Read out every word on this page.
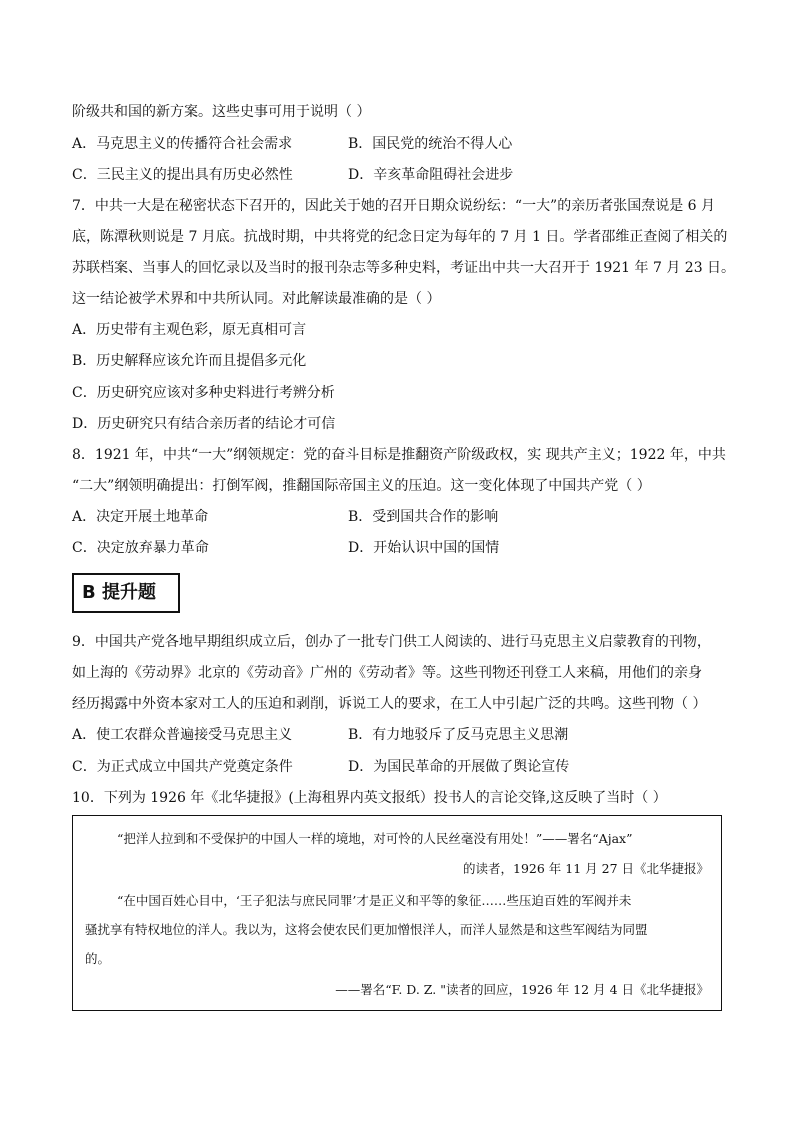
阶级共和国的新方案。这些史事可用于说明（ ）
A．马克思主义的传播符合社会需求	B．国民党的统治不得人心
C．三民主义的提出具有历史必然性	D．辛亥革命阻碍社会进步
7．中共一大是在秘密状态下召开的，因此关于她的召开日期众说纷纭：“一大”的亲历者张国焘说是 6 月
底，陈潭秋则说是 7 月底。抗战时期，中共将党的纪念日定为每年的 7 月 1 日。学者邵维正查阅了相关的
苏联档案、当事人的回忆录以及当时的报刊杂志等多种史料，考证出中共一大召开于 1921 年 7 月 23 日。
这一结论被学术界和中共所认同。对此解读最准确的是（ ）
A．历史带有主观色彩，原无真相可言
B．历史解释应该允许而且提倡多元化
C．历史研究应该对多种史料进行考辨分析
D．历史研究只有结合亲历者的结论才可信
8．1921 年，中共“一大”纲领规定：党的奋斗目标是推翻资产阶级政权，实 现共产主义；1922 年，中共
“二大”纲领明确提出：打倒军阀，推翻国际帝国主义的压迫。这一变化体现了中国共产党（ ）
A．决定开展土地革命	B．受到国共合作的影响
C．决定放弃暴力革命	D．开始认识中国的国情
B 提升题
9．中国共产党各地早期组织成立后，创办了一批专门供工人阅读的、进行马克思主义启蒙教育的刊物，
如上海的《劳动界》北京的《劳动音》广州的《劳动者》等。这些刊物还刊登工人来稿，用他们的亲身
经历揭露中外资本家对工人的压迫和剥削，诉说工人的要求，在工人中引起广泛的共鸣。这些刊物（ ）
A．使工农群众普遍接受马克思主义	B．有力地驳斥了反马克思主义思潮
C．为正式成立中国共产党奠定条件	D．为国民革命的开展做了舆论宣传
10．下列为 1926 年《北华捷报》(上海租界内英文报纸）投书人的言论交锋,这反映了当时（ ）
“把洋人拉到和不受保护的中国人一样的境地，对可怜的人民丝毫没有用处！”——署名“Ajax”
的读者，1926 年 11 月 27 日《北华捷报》
“在中国百姓心目中，‘王子犯法与庶民同罪’才是正义和平等的象征……些压迫百姓的军阀并未
骚扰享有特权地位的洋人。我以为，这将会使农民们更加憎恨洋人，而洋人显然是和这些军阀结为同盟
的。
——署名“F. D. Z. "读者的回应，1926 年 12 月 4 日《北华捷报》
